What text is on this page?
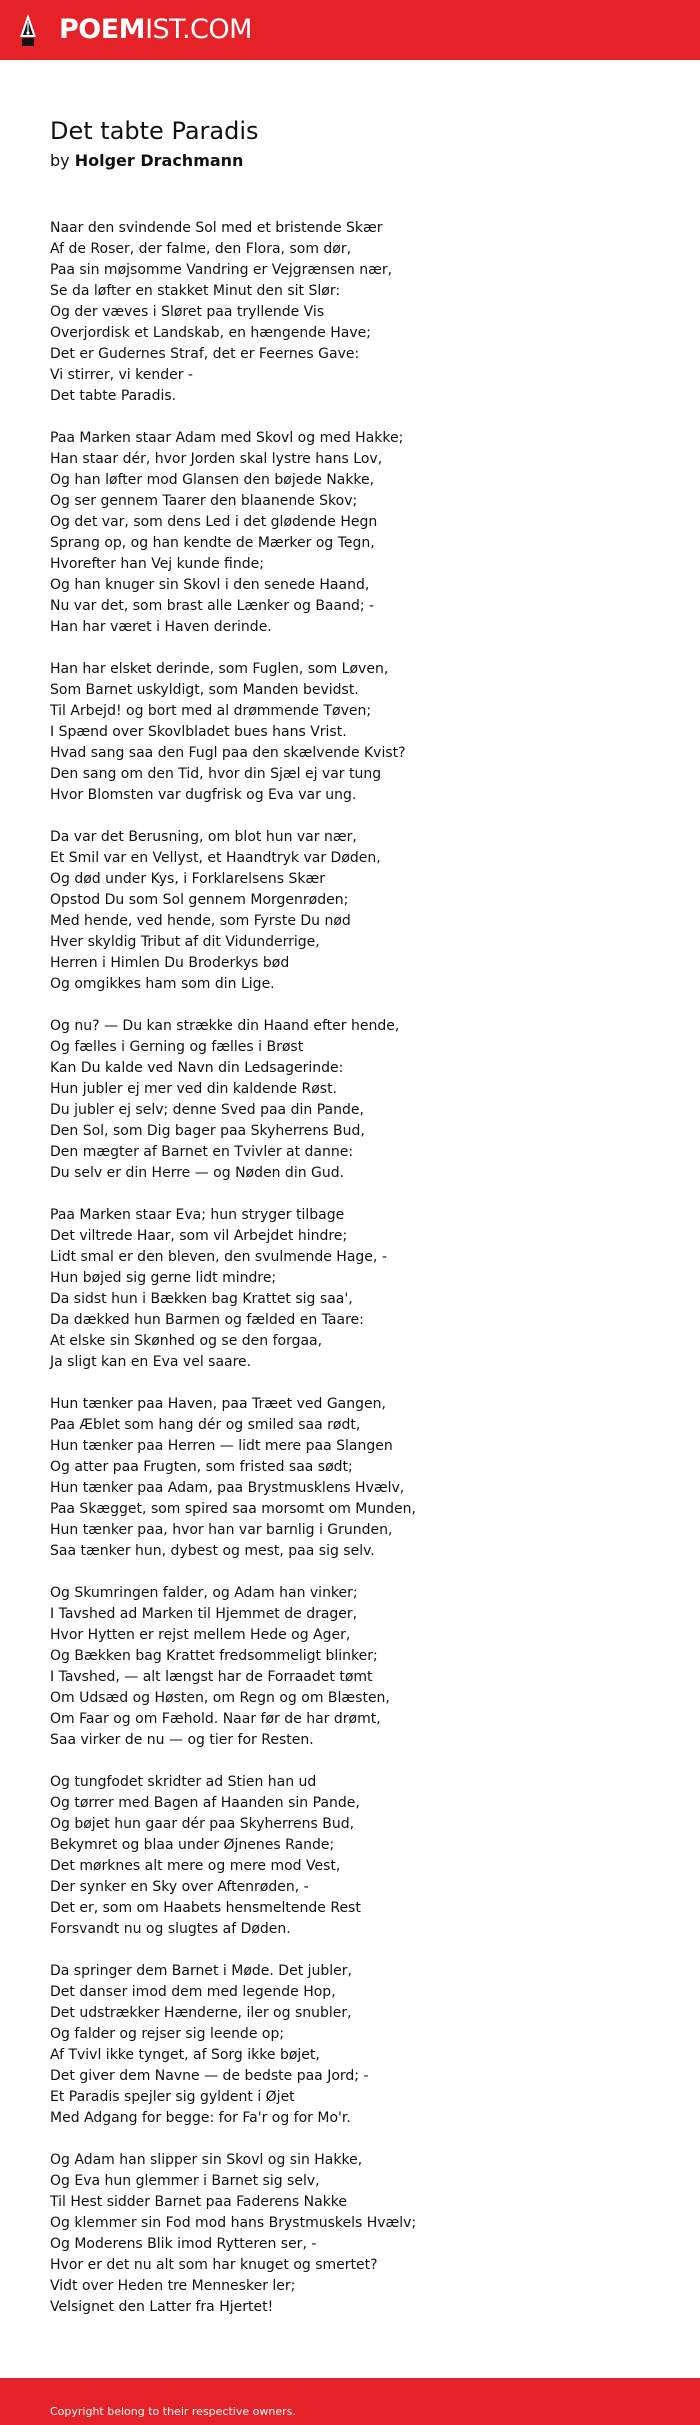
POEMIST.COM
Det tabte Paradis
by Holger Drachmann
Naar den svindende Sol med et bristende Skær
Af de Roser, der falme, den Flora, som dør,
Paa sin møjsomme Vandring er Vejgrænsen nær,
Se da løfter en stakket Minut den sit Slør:
Og der væves i Sløret paa tryllende Vis
Overjordisk et Landskab, en hængende Have;
Det er Gudernes Straf, det er Feernes Gave:
Vi stirrer, vi kender -
Det tabte Paradis.
Paa Marken staar Adam med Skovl og med Hakke;
Han staar dér, hvor Jorden skal lystre hans Lov,
Og han løfter mod Glansen den bøjede Nakke,
Og ser gennem Taarer den blaanende Skov;
Og det var, som dens Led i det glødende Hegn
Sprang op, og han kendte de Mærker og Tegn,
Hvorefter han Vej kunde finde;
Og han knuger sin Skovl i den senede Haand,
Nu var det, som brast alle Lænker og Baand; -
Han har været i Haven derinde.
Han har elsket derinde, som Fuglen, som Løven,
Som Barnet uskyldigt, som Manden bevidst.
Til Arbejd! og bort med al drømmende Tøven;
I Spænd over Skovlbladet bues hans Vrist.
Hvad sang saa den Fugl paa den skælvende Kvist?
Den sang om den Tid, hvor din Sjæl ej var tung
Hvor Blomsten var dugfrisk og Eva var ung.
Da var det Berusning, om blot hun var nær,
Et Smil var en Vellyst, et Haandtryk var Døden,
Og død under Kys, i Forklarelsens Skær
Opstod Du som Sol gennem Morgenrøden;
Med hende, ved hende, som Fyrste Du nød
Hver skyldig Tribut af dit Vidunderrige,
Herren i Himlen Du Broderkys bød
Og omgikkes ham som din Lige.
Og nu? — Du kan strække din Haand efter hende,
Og fælles i Gerning og fælles i Brøst
Kan Du kalde ved Navn din Ledsagerinde:
Hun jubler ej mer ved din kaldende Røst.
Du jubler ej selv; denne Sved paa din Pande,
Den Sol, som Dig bager paa Skyherrens Bud,
Den mægter af Barnet en Tvivler at danne:
Du selv er din Herre — og Nøden din Gud.
Paa Marken staar Eva; hun stryger tilbage
Det viltrede Haar, som vil Arbejdet hindre;
Lidt smal er den bleven, den svulmende Hage, -
Hun bøjed sig gerne lidt mindre;
Da sidst hun i Bækken bag Krattet sig saa',
Da dækked hun Barmen og fælded en Taare:
At elske sin Skønhed og se den forgaa,
Ja sligt kan en Eva vel saare.
Hun tænker paa Haven, paa Træet ved Gangen,
Paa Æblet som hang dér og smiled saa rødt,
Hun tænker paa Herren — lidt mere paa Slangen
Og atter paa Frugten, som fristed saa sødt;
Hun tænker paa Adam, paa Brystmusklens Hvælv,
Paa Skægget, som spired saa morsomt om Munden,
Hun tænker paa, hvor han var barnlig i Grunden,
Saa tænker hun, dybest og mest, paa sig selv.
Og Skumringen falder, og Adam han vinker;
I Tavshed ad Marken til Hjemmet de drager,
Hvor Hytten er rejst mellem Hede og Ager,
Og Bækken bag Krattet fredsommeligt blinker;
I Tavshed, — alt længst har de Forraadet tømt
Om Udsæd og Høsten, om Regn og om Blæsten,
Om Faar og om Fæhold. Naar før de har drømt,
Saa virker de nu — og tier for Resten.
Og tungfodet skridter ad Stien han ud
Og tørrer med Bagen af Haanden sin Pande,
Og bøjet hun gaar dér paa Skyherrens Bud,
Bekymret og blaa under Øjnenes Rande;
Det mørknes alt mere og mere mod Vest,
Der synker en Sky over Aftenrøden, -
Det er, som om Haabets hensmeltende Rest
Forsvandt nu og slugtes af Døden.
Da springer dem Barnet i Møde. Det jubler,
Det danser imod dem med legende Hop,
Det udstrækker Hænderne, iler og snubler,
Og falder og rejser sig leende op;
Af Tvivl ikke tynget, af Sorg ikke bøjet,
Det giver dem Navne — de bedste paa Jord; -
Et Paradis spejler sig gyldent i Øjet
Med Adgang for begge: for Fa'r og for Mo'r.
Og Adam han slipper sin Skovl og sin Hakke,
Og Eva hun glemmer i Barnet sig selv,
Til Hest sidder Barnet paa Faderens Nakke
Og klemmer sin Fod mod hans Brystmuskels Hvælv;
Og Moderens Blik imod Rytteren ser, -
Hvor er det nu alt som har knuget og smertet?
Vidt over Heden tre Mennesker ler;
Velsignet den Latter fra Hjertet!
Copyright belong to their respective owners.
